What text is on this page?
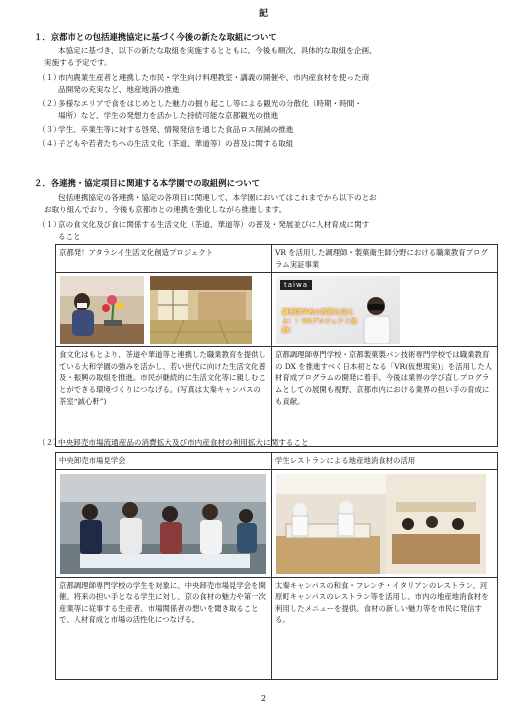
記
１．京都市との包括連携協定に基づく今後の新たな取組について
本協定に基づき、以下の新たな取組を実施するとともに、今後も順次、具体的な取組を企画、
実施する予定です。
（１）市内農業生産者と連携した市民・学生向け料理教室・講義の開催や、市内産食材を使った商
品開発の充実など、地産地消の推進
（２）多様なエリアで食をはじめとした魅力の掘り起こし等による観光の分散化（時期・時間・
場所）など、学生の発想力を活かした持続可能な京都観光の推進
（３）学生、卒業生等に対する啓発、情報発信を通じた食品ロス削減の推進
（４）子どもや若者たちへの生活文化（茶道、華道等）の普及に関する取組
２．各連携・協定項目に関連する本学園での取組例について
包括連携協定の各連携・協定の各項目に関連して、本学園においてはこれまでから以下のとお
お取り組んでおり、今後も京都市との連携を強化しながら推進します。
（１）京の食文化及び食に関係する生活文化（茶道、華道等）の普及・発展並びに人材育成に関す
ること
京都発！アタラシイ生活文化創造プロジェクト	VR を活用した調理師・製菓衛生師分野における職業教育プログラム実証事業

食文化はもとより、茶道や華道等と連携した職業教育を提供している大和学園の強みを活かし、若い世代に向けた生活文化普及・振興の取組を推進。市民が継続的に生活文化等に親しむことができる環境づくりにつなげる。(写真は太秦キャンパスの茶室“誠心軒”)	京都調理師専門学校・京都製菓製パン技術専門学校では職業教育の DX を推進すべく日本初となる「VR(仮想現実)」を活用した人材育成プログラムの開発に着手。今後は業界の学び直しプログラムとしての展開も視野、京都市内における業界の担い手の育成にも貢献。
taiwa
調理師学校の授業を変える！！VRプロジェクト始動！
（２）中央卸売市場流通産品の消費拡大及び市内産食材の利用拡大に関すること
中央卸売市場見学会	学生レストランによる地産地消食材の活用

京都調理師専門学校の学生を対象に、中央卸売市場見学会を開催。将来の担い手となる学生に対し、京の食材の魅力や第一次産業等に従事する生産者、市場関係者の想いを聞き取ることで、人材育成と市場の活性化につなげる。	太秦キャンパスの和食・フレンチ・イタリアンのレストラン、河原町キャンパスのレストラン等を活用し、市内の地産地消食材を利用したメニューを提供。食材の新しい魅力等を市民に発信する。
2
